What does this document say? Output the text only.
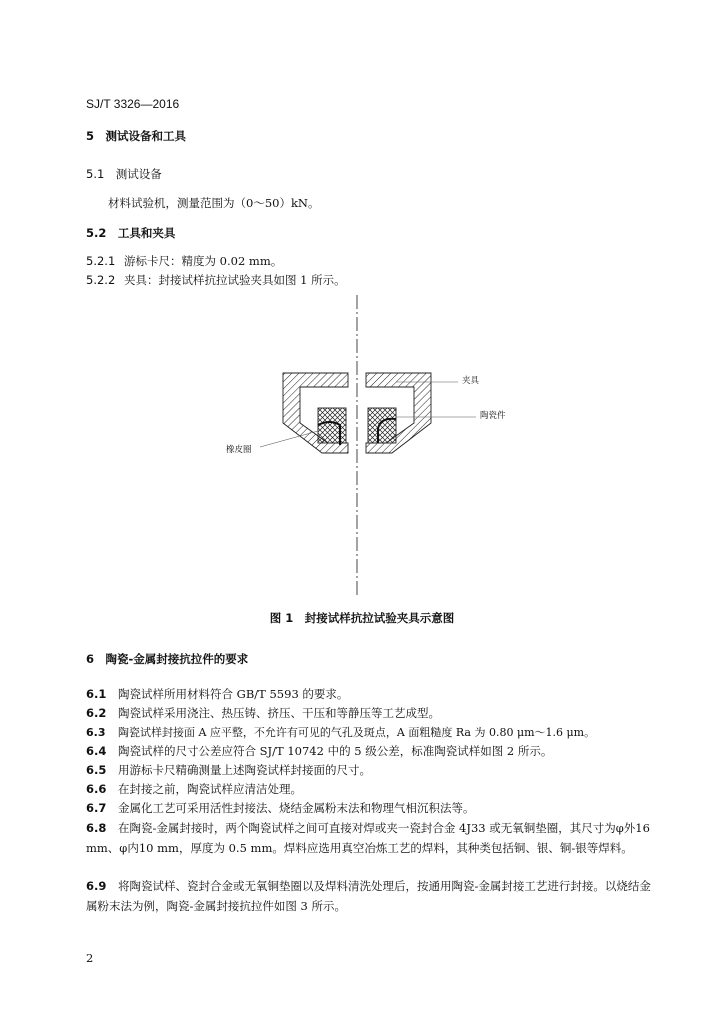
SJ/T 3326—2016
5　测试设备和工具
5.1　测试设备
材料试验机，测量范围为（0～50）kN。
5.2　工具和夹具
5.2.1 游标卡尺：精度为 0.02 mm。
5.2.2 夹具：封接试样抗拉试验夹具如图 1 所示。
夹具
陶瓷件
橡皮圈
图 1　封接试样抗拉试验夹具示意图
6　陶瓷-金属封接抗拉件的要求
6.1 陶瓷试样所用材料符合 GB/T 5593 的要求。
6.2 陶瓷试样采用浇注、热压铸、挤压、干压和等静压等工艺成型。
6.3 陶瓷试样封接面 A 应平整，不允许有可见的气孔及斑点，A 面粗糙度 Ra 为 0.80 μm～1.6 μm。
6.4 陶瓷试样的尺寸公差应符合 SJ/T 10742 中的 5 级公差，标准陶瓷试样如图 2 所示。
6.5 用游标卡尺精确测量上述陶瓷试样封接面的尺寸。
6.6 在封接之前，陶瓷试样应清洁处理。
6.7 金属化工艺可采用活性封接法、烧结金属粉末法和物理气相沉积法等。
6.8 在陶瓷-金属封接时，两个陶瓷试样之间可直接对焊或夹一瓷封合金 4J33 或无氧铜垫圈，其尺寸为φ外16 mm、φ内10 mm，厚度为 0.5 mm。焊料应选用真空冶炼工艺的焊料，其种类包括铜、银、铜-银等焊料。
6.9 将陶瓷试样、瓷封合金或无氧铜垫圈以及焊料清洗处理后，按通用陶瓷-金属封接工艺进行封接。以烧结金属粉末法为例，陶瓷-金属封接抗拉件如图 3 所示。
2
